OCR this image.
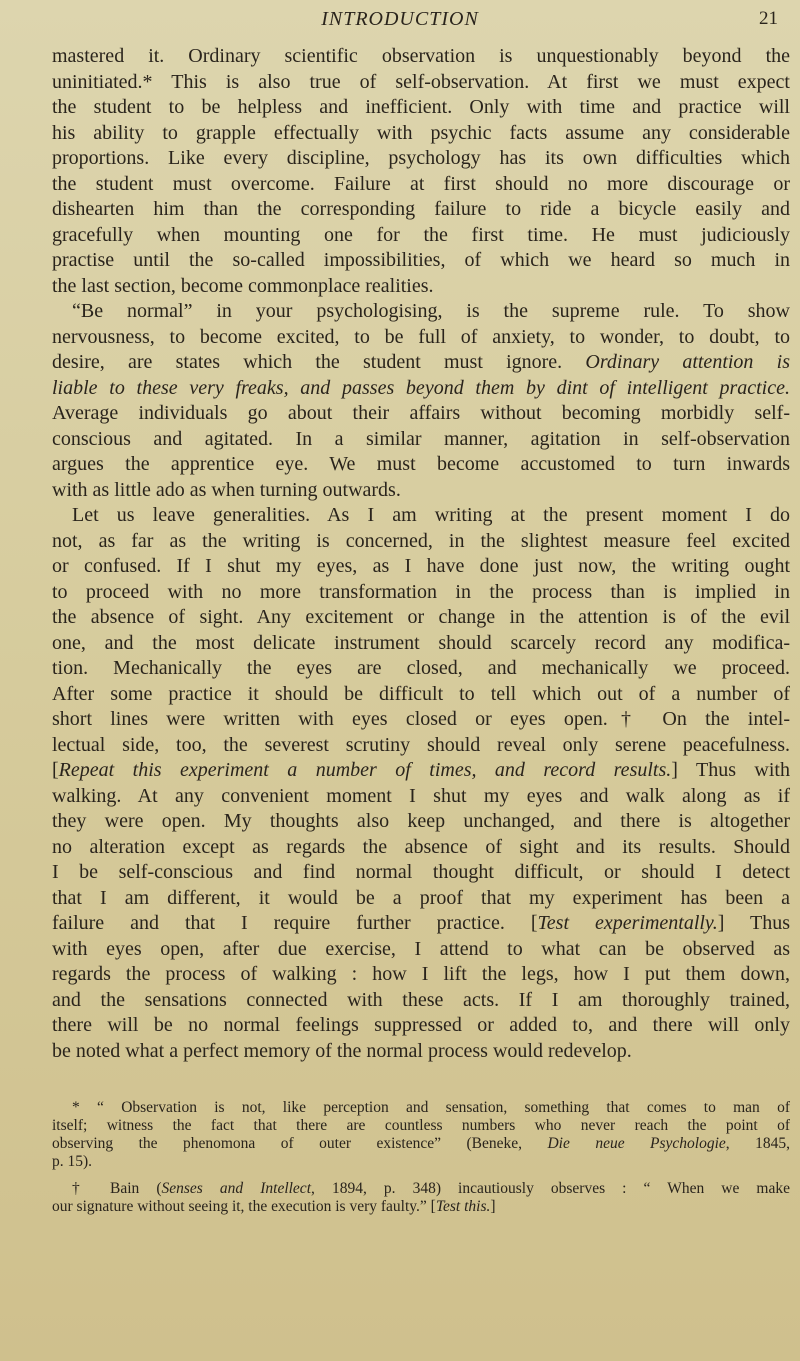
INTRODUCTION	21
mastered it. Ordinary scientific observation is unquestionably beyond the
uninitiated.* This is also true of self-observation. At first we must expect
the student to be helpless and inefficient. Only with time and practice will
his ability to grapple effectually with psychic facts assume any considerable
proportions. Like every discipline, psychology has its own difficulties which
the student must overcome. Failure at first should no more discourage or
dishearten him than the corresponding failure to ride a bicycle easily and
gracefully when mounting one for the first time. He must judiciously
practise until the so-called impossibilities, of which we heard so much in
the last section, become commonplace realities.
“Be normal” in your psychologising, is the supreme rule. To show
nervousness, to become excited, to be full of anxiety, to wonder, to doubt, to
desire, are states which the student must ignore. Ordinary attention is
liable to these very freaks, and passes beyond them by dint of intelligent practice.
Average individuals go about their affairs without becoming morbidly self-
conscious and agitated. In a similar manner, agitation in self-observation
argues the apprentice eye. We must become accustomed to turn inwards
with as little ado as when turning outwards.
Let us leave generalities. As I am writing at the present moment I do
not, as far as the writing is concerned, in the slightest measure feel excited
or confused. If I shut my eyes, as I have done just now, the writing ought
to proceed with no more transformation in the process than is implied in
the absence of sight. Any excitement or change in the attention is of the evil
one, and the most delicate instrument should scarcely record any modifica-
tion. Mechanically the eyes are closed, and mechanically we proceed.
After some practice it should be difficult to tell which out of a number of
short lines were written with eyes closed or eyes open.† On the intel-
lectual side, too, the severest scrutiny should reveal only serene peacefulness.
[Repeat this experiment a number of times, and record results.] Thus with
walking. At any convenient moment I shut my eyes and walk along as if
they were open. My thoughts also keep unchanged, and there is altogether
no alteration except as regards the absence of sight and its results. Should
I be self-conscious and find normal thought difficult, or should I detect
that I am different, it would be a proof that my experiment has been a
failure and that I require further practice. [Test experimentally.] Thus
with eyes open, after due exercise, I attend to what can be observed as
regards the process of walking : how I lift the legs, how I put them down,
and the sensations connected with these acts. If I am thoroughly trained,
there will be no normal feelings suppressed or added to, and there will only
be noted what a perfect memory of the normal process would redevelop.
* “ Observation is not, like perception and sensation, something that comes to man of
itself; witness the fact that there are countless numbers who never reach the point of
observing the phenomona of outer existence” (Beneke, Die neue Psychologie, 1845,
p. 15).
† Bain (Senses and Intellect, 1894, p. 348) incautiously observes : “ When we make
our signature without seeing it, the execution is very faulty.” [Test this.]
